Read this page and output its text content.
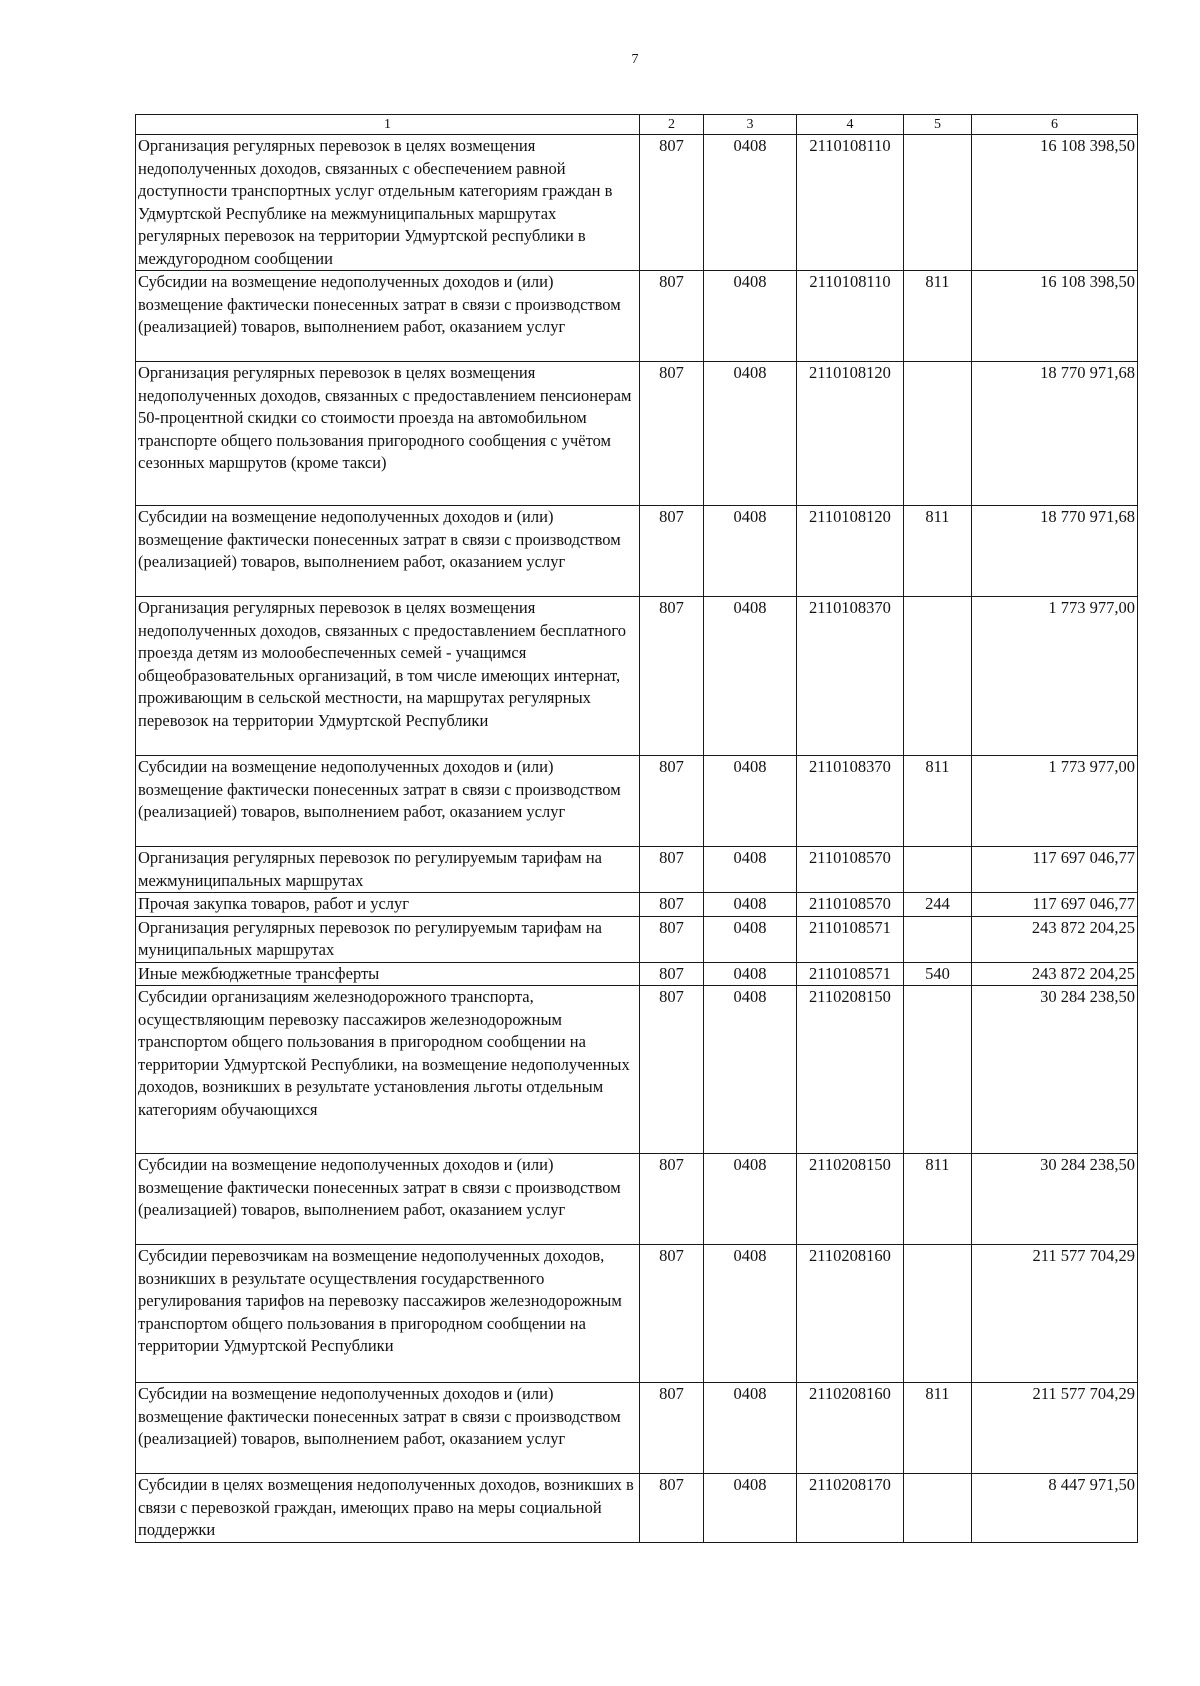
7
1	2	3	4	5	6
Организация регулярных перевозок в целях возмещения недополученных доходов, связанных с обеспечением равной доступности транспортных услуг отдельным категориям граждан в Удмуртской Республике на межмуниципальных маршрутах регулярных перевозок на территории Удмуртской республики в междугородном сообщении	807	0408	2110108110		16 108 398,50
Субсидии на возмещение недополученных доходов и (или) возмещение фактически понесенных затрат в связи с производством (реализацией) товаров, выполнением работ, оказанием услуг	807	0408	2110108110	811	16 108 398,50
Организация регулярных перевозок в целях возмещения недополученных доходов, связанных с предоставлением пенсионерам 50-процентной скидки со стоимости проезда на автомобильном транспорте общего пользования пригородного сообщения с учётом сезонных маршрутов (кроме такси)	807	0408	2110108120		18 770 971,68
Субсидии на возмещение недополученных доходов и (или) возмещение фактически понесенных затрат в связи с производством (реализацией) товаров, выполнением работ, оказанием услуг	807	0408	2110108120	811	18 770 971,68
Организация регулярных перевозок в целях возмещения недополученных доходов, связанных с предоставлением бесплатного проезда детям из молообеспеченных семей - учащимся общеобразовательных организаций, в том числе имеющих интернат, проживающим в сельской местности, на маршрутах регулярных перевозок на территории Удмуртской Республики	807	0408	2110108370		1 773 977,00
Субсидии на возмещение недополученных доходов и (или) возмещение фактически понесенных затрат в связи с производством (реализацией) товаров, выполнением работ, оказанием услуг	807	0408	2110108370	811	1 773 977,00
Организация регулярных перевозок по регулируемым тарифам на межмуниципальных маршрутах	807	0408	2110108570		117 697 046,77
Прочая закупка товаров, работ и услуг	807	0408	2110108570	244	117 697 046,77
Организация регулярных перевозок по регулируемым тарифам на муниципальных маршрутах	807	0408	2110108571		243 872 204,25
Иные межбюджетные трансферты	807	0408	2110108571	540	243 872 204,25
Субсидии организациям железнодорожного транспорта, осуществляющим перевозку пассажиров железнодорожным транспортом общего пользования в пригородном сообщении на территории Удмуртской Республики, на возмещение недополученных доходов, возникших в результате установления льготы отдельным категориям обучающихся	807	0408	2110208150		30 284 238,50
Субсидии на возмещение недополученных доходов и (или) возмещение фактически понесенных затрат в связи с производством (реализацией) товаров, выполнением работ, оказанием услуг	807	0408	2110208150	811	30 284 238,50
Субсидии перевозчикам на возмещение недополученных доходов, возникших в результате осуществления государственного регулирования тарифов на перевозку пассажиров железнодорожным транспортом общего пользования в пригородном сообщении на территории Удмуртской Республики	807	0408	2110208160		211 577 704,29
Субсидии на возмещение недополученных доходов и (или) возмещение фактически понесенных затрат в связи с производством (реализацией) товаров, выполнением работ, оказанием услуг	807	0408	2110208160	811	211 577 704,29
Субсидии в целях возмещения недополученных доходов, возникших в связи с перевозкой граждан, имеющих право на меры социальной поддержки	807	0408	2110208170		8 447 971,50
